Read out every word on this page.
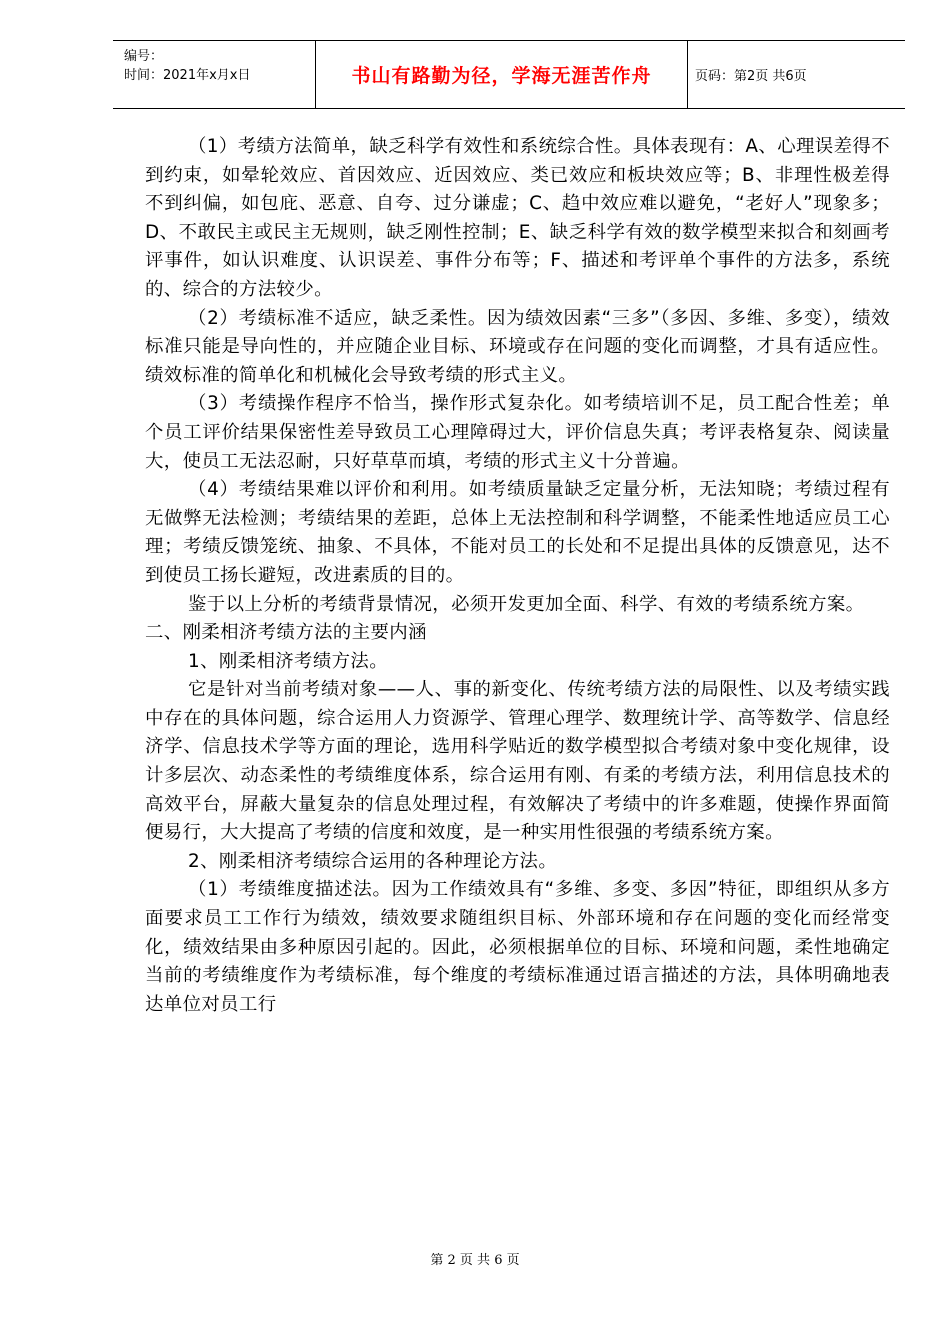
编号：
时间：2021年x月x日	书山有路勤为径，学海无涯苦作舟	页码：第2页 共6页

（1）考绩方法简单，缺乏科学有效性和系统综合性。具体表现有：A、心理误差得不到约束，如晕轮效应、首因效应、近因效应、类已效应和板块效应等；B、非理性极差得不到纠偏，如包庇、恶意、自夸、过分谦虚；C、趋中效应难以避免，“老好人”现象多；D、不敢民主或民主无规则，缺乏刚性控制；E、缺乏科学有效的数学模型来拟合和刻画考评事件，如认识难度、认识误差、事件分布等；F、描述和考评单个事件的方法多，系统的、综合的方法较少。

（2）考绩标准不适应，缺乏柔性。因为绩效因素“三多”（多因、多维、多变），绩效标准只能是导向性的，并应随企业目标、环境或存在问题的变化而调整，才具有适应性。绩效标准的简单化和机械化会导致考绩的形式主义。

（3）考绩操作程序不恰当，操作形式复杂化。如考绩培训不足，员工配合性差；单个员工评价结果保密性差导致员工心理障碍过大，评价信息失真；考评表格复杂、阅读量大，使员工无法忍耐，只好草草而填，考绩的形式主义十分普遍。

（4）考绩结果难以评价和利用。如考绩质量缺乏定量分析，无法知晓；考绩过程有无做弊无法检测；考绩结果的差距，总体上无法控制和科学调整，不能柔性地适应员工心理；考绩反馈笼统、抽象、不具体，不能对员工的长处和不足提出具体的反馈意见，达不到使员工扬长避短，改进素质的目的。

鉴于以上分析的考绩背景情况，必须开发更加全面、科学、有效的考绩系统方案。

二、刚柔相济考绩方法的主要内涵

1、刚柔相济考绩方法。

它是针对当前考绩对象——人、事的新变化、传统考绩方法的局限性、以及考绩实践中存在的具体问题，综合运用人力资源学、管理心理学、数理统计学、高等数学、信息经济学、信息技术学等方面的理论，选用科学贴近的数学模型拟合考绩对象中变化规律，设计多层次、动态柔性的考绩维度体系，综合运用有刚、有柔的考绩方法，利用信息技术的高效平台，屏蔽大量复杂的信息处理过程，有效解决了考绩中的许多难题，使操作界面简便易行，大大提高了考绩的信度和效度，是一种实用性很强的考绩系统方案。

2、刚柔相济考绩综合运用的各种理论方法。

（1）考绩维度描述法。因为工作绩效具有“多维、多变、多因”特征，即组织从多方面要求员工工作行为绩效，绩效要求随组织目标、外部环境和存在问题的变化而经常变化，绩效结果由多种原因引起的。因此，必须根据单位的目标、环境和问题，柔性地确定当前的考绩维度作为考绩标准，每个维度的考绩标准通过语言描述的方法，具体明确地表达单位对员工行

第 2 页 共 6 页
